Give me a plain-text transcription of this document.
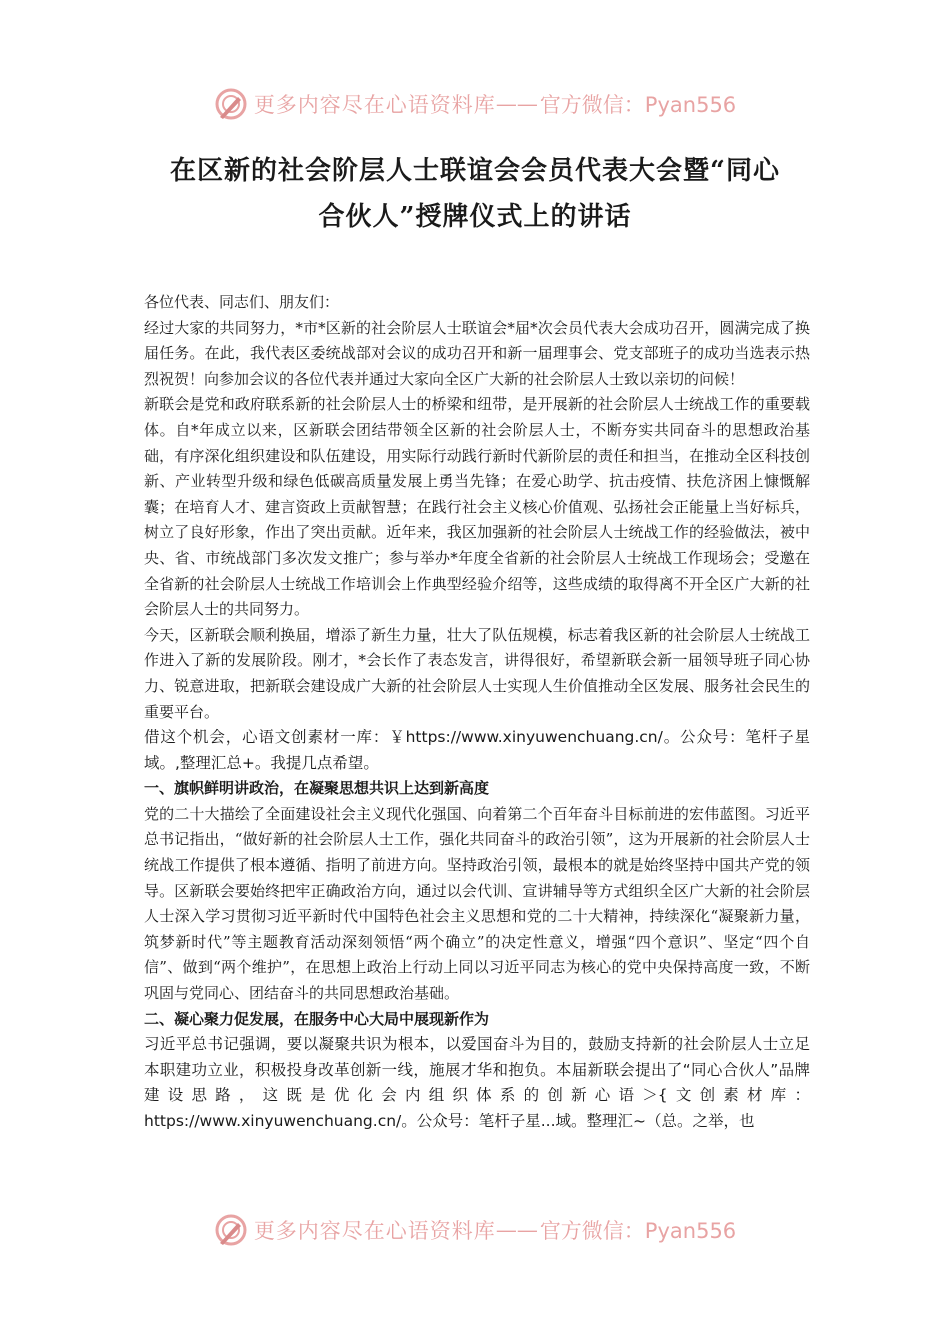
更多内容尽在心语资料库 —— 官方微信：Pyan556
在区新的社会阶层人士联谊会会员代表大会暨“同心
合伙人”授牌仪式上的讲话

各位代表、同志们、朋友们：

经过大家的共同努力，*市*区新的社会阶层人士联谊会*届*次会员代表大会成功召开，圆满完成了换届任务。在此，我代表区委统战部对会议的成功召开和新一届理事会、党支部班子的成功当选表示热烈祝贺！向参加会议的各位代表并通过大家向全区广大新的社会阶层人士致以亲切的问候！

新联会是党和政府联系新的社会阶层人士的桥梁和纽带，是开展新的社会阶层人士统战工作的重要载体。自*年成立以来，区新联会团结带领全区新的社会阶层人士，不断夯实共同奋斗的思想政治基础，有序深化组织建设和队伍建设，用实际行动践行新时代新阶层的责任和担当，在推动全区科技创新、产业转型升级和绿色低碳高质量发展上勇当先锋；在爱心助学、抗击疫情、扶危济困上慷慨解囊；在培育人才、建言资政上贡献智慧；在践行社会主义核心价值观、弘扬社会正能量上当好标兵，树立了良好形象，作出了突出贡献。近年来，我区加强新的社会阶层人士统战工作的经验做法，被中央、省、市统战部门多次发文推广；参与举办*年度全省新的社会阶层人士统战工作现场会；受邀在全省新的社会阶层人士统战工作培训会上作典型经验介绍等，这些成绩的取得离不开全区广大新的社会阶层人士的共同努力。

今天，区新联会顺利换届，增添了新生力量，壮大了队伍规模，标志着我区新的社会阶层人士统战工作进入了新的发展阶段。刚才，*会长作了表态发言，讲得很好，希望新联会新一届领导班子同心协力、锐意进取，把新联会建设成广大新的社会阶层人士实现人生价值推动全区发展、服务社会民生的重要平台。

借这个机会，心语文创素材一库：￥https://www.xinyuwenchuang.cn/。公众号：笔杆子星域。,整理汇总+。我提几点希望。

一、旗帜鲜明讲政治，在凝聚思想共识上达到新高度

党的二十大描绘了全面建设社会主义现代化强国、向着第二个百年奋斗目标前进的宏伟蓝图。习近平总书记指出，“做好新的社会阶层人士工作，强化共同奋斗的政治引领”，这为开展新的社会阶层人士统战工作提供了根本遵循、指明了前进方向。坚持政治引领，最根本的就是始终坚持中国共产党的领导。区新联会要始终把牢正确政治方向，通过以会代训、宣讲辅导等方式组织全区广大新的社会阶层人士深入学习贯彻习近平新时代中国特色社会主义思想和党的二十大精神，持续深化“凝聚新力量，筑梦新时代”等主题教育活动深刻领悟“两个确立”的决定性意义，增强“四个意识”、坚定“四个自信”、做到“两个维护”，在思想上政治上行动上同以习近平同志为核心的党中央保持高度一致，不断巩固与党同心、团结奋斗的共同思想政治基础。

二、凝心聚力促发展，在服务中心大局中展现新作为

习近平总书记强调，要以凝聚共识为根本，以爱国奋斗为目的，鼓励支持新的社会阶层人士立足本职建功立业，积极投身改革创新一线，施展才华和抱负。本届新联会提出了“同心合伙人”品牌建设思路，这既是优化会内组织体系的创新心语＞{文创素材库：https://www.xinyuwenchuang.cn/。公众号：笔杆子星...域。整理汇~（总。之举，也

更多内容尽在心语资料库 —— 官方微信：Pyan556
